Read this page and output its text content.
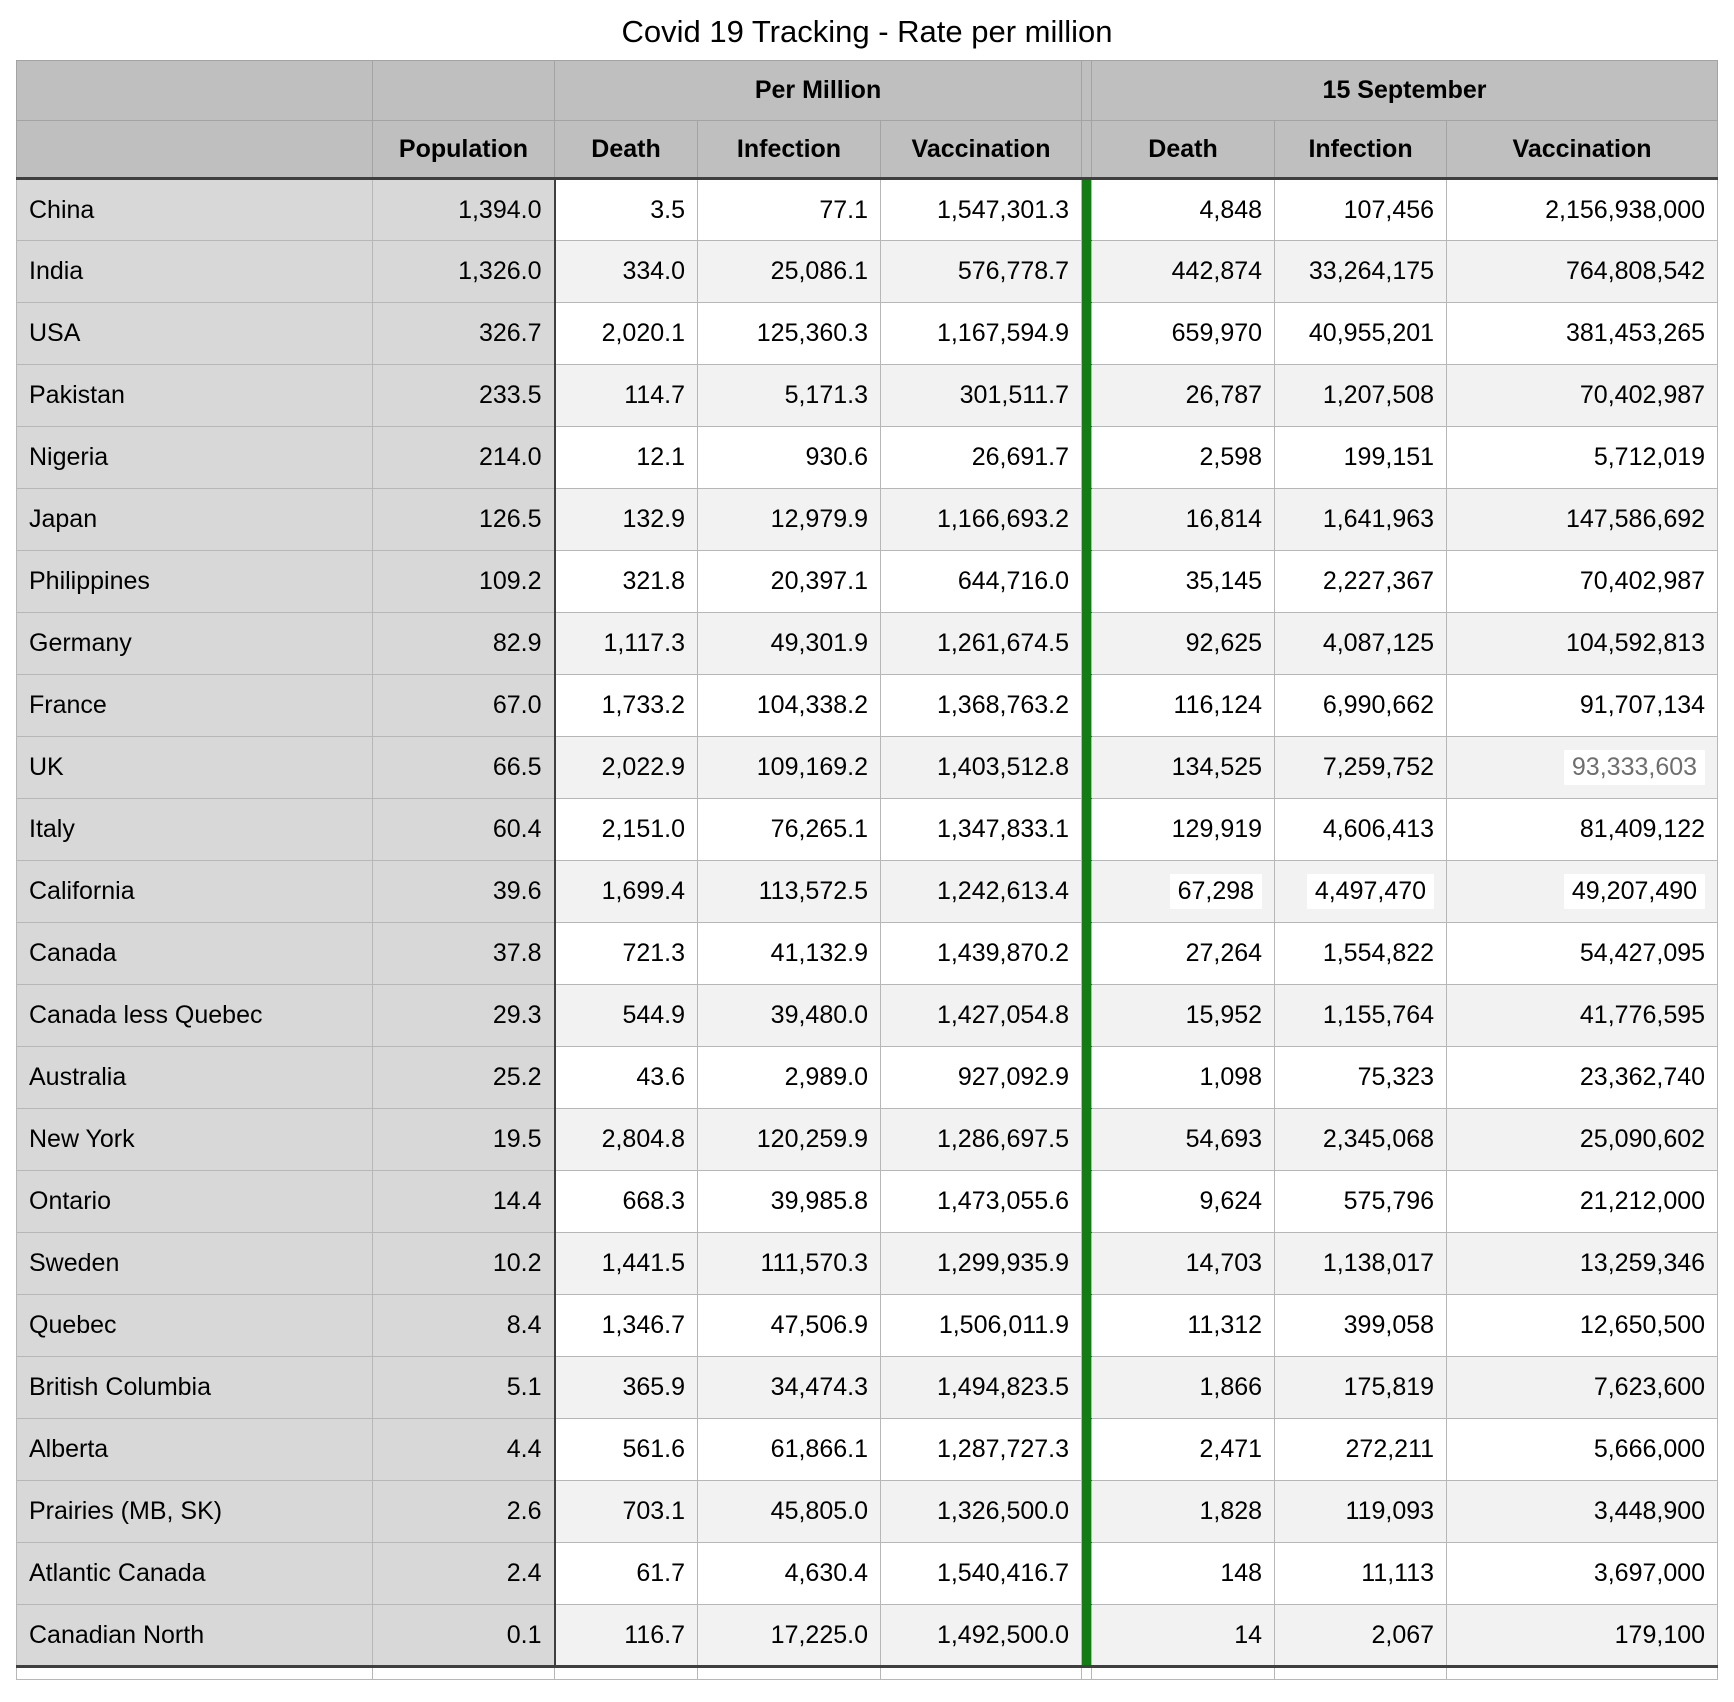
Covid 19 Tracking - Rate per million
		Per Million				15 September		
	Population	Death	Infection	Vaccination		Death	Infection	Vaccination
China	1,394.0	3.5	77.1	1,547,301.3		4,848	107,456	2,156,938,000
India	1,326.0	334.0	25,086.1	576,778.7		442,874	33,264,175	764,808,542
USA	326.7	2,020.1	125,360.3	1,167,594.9		659,970	40,955,201	381,453,265
Pakistan	233.5	114.7	5,171.3	301,511.7		26,787	1,207,508	70,402,987
Nigeria	214.0	12.1	930.6	26,691.7		2,598	199,151	5,712,019
Japan	126.5	132.9	12,979.9	1,166,693.2		16,814	1,641,963	147,586,692
Philippines	109.2	321.8	20,397.1	644,716.0		35,145	2,227,367	70,402,987
Germany	82.9	1,117.3	49,301.9	1,261,674.5		92,625	4,087,125	104,592,813
France	67.0	1,733.2	104,338.2	1,368,763.2		116,124	6,990,662	91,707,134
UK	66.5	2,022.9	109,169.2	1,403,512.8		134,525	7,259,752	93,333,603
Italy	60.4	2,151.0	76,265.1	1,347,833.1		129,919	4,606,413	81,409,122
California	39.6	1,699.4	113,572.5	1,242,613.4		67,298	4,497,470	49,207,490
Canada	37.8	721.3	41,132.9	1,439,870.2		27,264	1,554,822	54,427,095
Canada less Quebec	29.3	544.9	39,480.0	1,427,054.8		15,952	1,155,764	41,776,595
Australia	25.2	43.6	2,989.0	927,092.9		1,098	75,323	23,362,740
New York	19.5	2,804.8	120,259.9	1,286,697.5		54,693	2,345,068	25,090,602
Ontario	14.4	668.3	39,985.8	1,473,055.6		9,624	575,796	21,212,000
Sweden	10.2	1,441.5	111,570.3	1,299,935.9		14,703	1,138,017	13,259,346
Quebec	8.4	1,346.7	47,506.9	1,506,011.9		11,312	399,058	12,650,500
British Columbia	5.1	365.9	34,474.3	1,494,823.5		1,866	175,819	7,623,600
Alberta	4.4	561.6	61,866.1	1,287,727.3		2,471	272,211	5,666,000
Prairies (MB, SK)	2.6	703.1	45,805.0	1,326,500.0		1,828	119,093	3,448,900
Atlantic Canada	2.4	61.7	4,630.4	1,540,416.7		148	11,113	3,697,000
Canadian North	0.1	116.7	17,225.0	1,492,500.0		14	2,067	179,100
